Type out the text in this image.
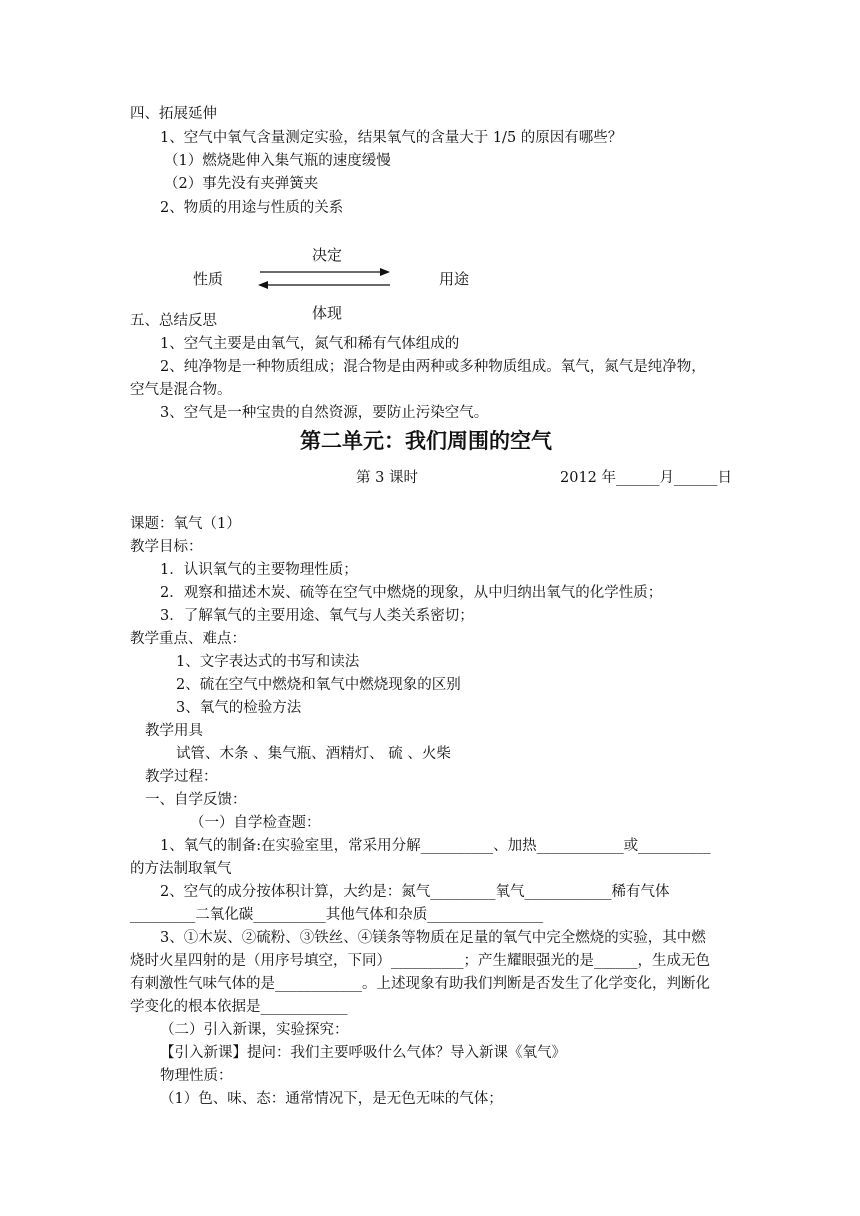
四、拓展延伸
1、空气中氧气含量测定实验，结果氧气的含量大于 1/5 的原因有哪些？
（1）燃烧匙伸入集气瓶的速度缓慢
（2）事先没有夹弹簧夹
2、物质的用途与性质的关系
决定
性质	用途
体现
五、总结反思
1、空气主要是由氧气，氮气和稀有气体组成的
2、纯净物是一种物质组成；混合物是由两种或多种物质组成。氧气，氮气是纯净物，
空气是混合物。
3、空气是一种宝贵的自然资源，要防止污染空气。
第二单元：我们周围的空气
第 3 课时	2012 年______月______日
课题：氧气（1）
教学目标：
1．认识氧气的主要物理性质；
2．观察和描述木炭、硫等在空气中燃烧的现象，从中归纳出氧气的化学性质；
3．了解氧气的主要用途、氧气与人类关系密切；
教学重点、难点：
1、文字表达式的书写和读法
2、硫在空气中燃烧和氧气中燃烧现象的区别
3、氧气的检验方法
教学用具
试管、木条 、集气瓶、酒精灯、 硫 、火柴
教学过程：
一、自学反馈：
（一）自学检查题：
1、氧气的制备:在实验室里，常采用分解__________、加热____________或__________
的方法制取氧气
2、空气的成分按体积计算，大约是：氮气_________氧气____________稀有气体
_________二氧化碳__________其他气体和杂质________________
3、①木炭、②硫粉、③铁丝、④镁条等物质在足量的氧气中完全燃烧的实验，其中燃
烧时火星四射的是（用序号填空，下同）__________；产生耀眼强光的是______，生成无色
有刺激性气味气体的是____________。上述现象有助我们判断是否发生了化学变化，判断化
学变化的根本依据是____________
（二）引入新课，实验探究：
【引入新课】提问：我们主要呼吸什么气体？导入新课《氧气》
物理性质：
（1）色、味、态：通常情况下，是无色无味的气体；
